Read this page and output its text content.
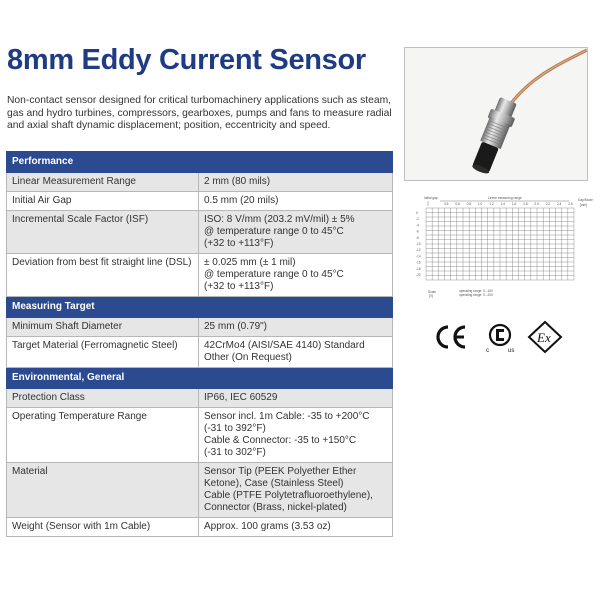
8mm Eddy Current Sensor
Non-contact sensor designed for critical turbomachinery applications such as steam, gas and hydro turbines, compressors, gearboxes, pumps and fans to measure radial and axial shaft dynamic displacement; position, eccentricity and speed.
Performance	
Linear Measurement Range	2 mm (80 mils)

Initial Air Gap	0.5 mm (20 mils)

Incremental Scale Factor (ISF)	ISO: 8 V/mm (203.2 mV/mil) ± 5%
@ temperature range 0 to 45°C
(+32 to +113°F)

Deviation from best fit straight line (DSL)	± 0.025 mm (± 1 mil)
@ temperature range 0 to 45°C
(+32 to +113°F)

Measuring Target	
Minimum Shaft Diameter	25 mm (0.79")

Target Material (Ferromagnetic Steel)	42CrMo4 (AISI/SAE 4140) Standard
Other (On Request)

Environmental, General	
Protection Class	IP66, IEC 60529

Operating Temperature Range	Sensor incl. 1m Cable: -35 to +200°C
(-31 to 392°F)
Cable & Connector: -35 to +150°C
(-31 to 302°F)

Material	Sensor Tip (PEEK Polyether Ether
Ketone), Case (Stainless Steel)
Cable (PTFE Polytetrafluoroethylene),
Connector (Brass, nickel-plated)

Weight (Sensor with 1m Cable)	Approx. 100 grams (3.53 oz)
Initial gap	Linear measuring range	Gap/Mode
[mm]
0.5 0.6 0.8 1.0 1.2 1.4 1.6 1.8 2.0 2.2 2.4 2.5
0
-2
-4
-6
-8
-10
-12
-14
-16
-18
-20
Scale
[V]
operating range: 0...100
operating range: 0...200
c	us
Ex
